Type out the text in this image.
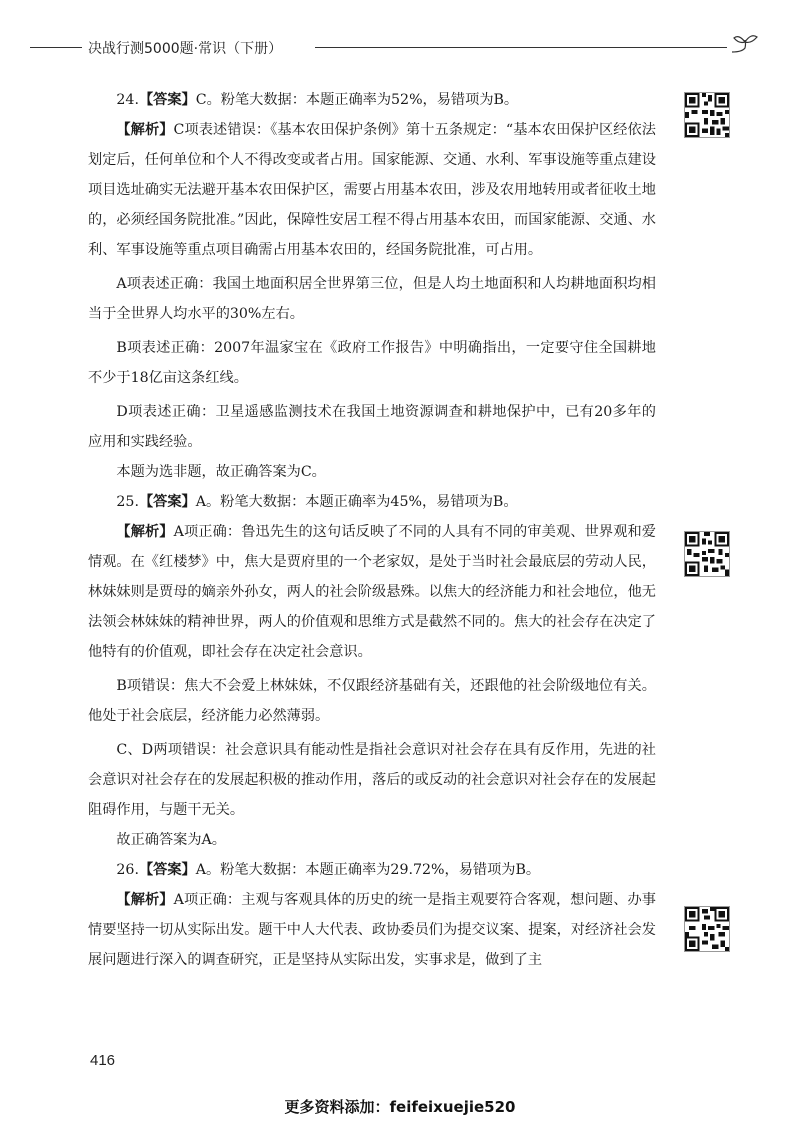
决战行测5000题·常识（下册）

24.【答案】C。粉笔大数据：本题正确率为52%，易错项为B。

【解析】C项表述错误：《基本农田保护条例》第十五条规定：“基本农田保护区经依法划定后，任何单位和个人不得改变或者占用。国家能源、交通、水利、军事设施等重点建设项目选址确实无法避开基本农田保护区，需要占用基本农田，涉及农用地转用或者征收土地的，必须经国务院批准。”因此，保障性安居工程不得占用基本农田，而国家能源、交通、水利、军事设施等重点项目确需占用基本农田的，经国务院批准，可占用。

A项表述正确：我国土地面积居全世界第三位，但是人均土地面积和人均耕地面积均相当于全世界人均水平的30%左右。

B项表述正确：2007年温家宝在《政府工作报告》中明确指出，一定要守住全国耕地不少于18亿亩这条红线。

D项表述正确：卫星遥感监测技术在我国土地资源调查和耕地保护中，已有20多年的应用和实践经验。

本题为选非题，故正确答案为C。

25.【答案】A。粉笔大数据：本题正确率为45%，易错项为B。

【解析】A项正确：鲁迅先生的这句话反映了不同的人具有不同的审美观、世界观和爱情观。在《红楼梦》中，焦大是贾府里的一个老家奴，是处于当时社会最底层的劳动人民，林妹妹则是贾母的嫡亲外孙女，两人的社会阶级悬殊。以焦大的经济能力和社会地位，他无法领会林妹妹的精神世界，两人的价值观和思维方式是截然不同的。焦大的社会存在决定了他特有的价值观，即社会存在决定社会意识。

B项错误：焦大不会爱上林妹妹，不仅跟经济基础有关，还跟他的社会阶级地位有关。他处于社会底层，经济能力必然薄弱。

C、D两项错误：社会意识具有能动性是指社会意识对社会存在具有反作用，先进的社会意识对社会存在的发展起积极的推动作用，落后的或反动的社会意识对社会存在的发展起阻碍作用，与题干无关。

故正确答案为A。

26.【答案】A。粉笔大数据：本题正确率为29.72%，易错项为B。

【解析】A项正确：主观与客观具体的历史的统一是指主观要符合客观，想问题、办事情要坚持一切从实际出发。题干中人大代表、政协委员们为提交议案、提案，对经济社会发展问题进行深入的调查研究，正是坚持从实际出发，实事求是，做到了主

416
更多资料添加：feifeixuejie520
